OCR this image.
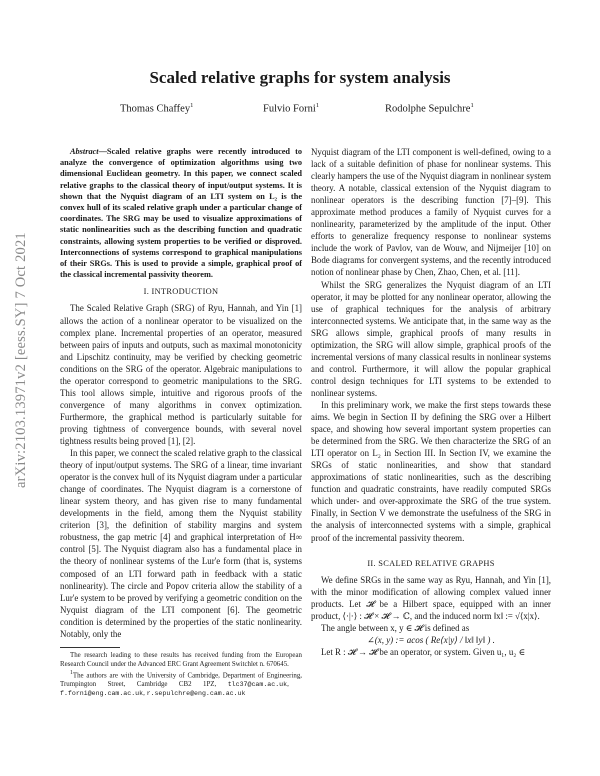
arXiv:2103.13971v2 [eess.SY] 7 Oct 2021
Scaled relative graphs for system analysis
Thomas Chaffey$^1$	Fulvio Forni$^1$	Rodolphe Sepulchre$^1$

Abstract—Scaled relative graphs were recently introduced to analyze the convergence of optimization algorithms using two dimensional Euclidean geometry. In this paper, we connect scaled relative graphs to the classical theory of input/output systems. It is shown that the Nyquist diagram of an LTI system on L₂ is the convex hull of its scaled relative graph under a particular change of coordinates. The SRG may be used to visualize approximations of static nonlinearities such as the describing function and quadratic constraints, allowing system properties to be verified or disproved. Interconnections of systems correspond to graphical manipulations of their SRGs. This is used to provide a simple, graphical proof of the classical incremental passivity theorem.

I. INTRODUCTION

The Scaled Relative Graph (SRG) of Ryu, Hannah, and Yin [1] allows the action of a nonlinear operator to be visualized on the complex plane. Incremental properties of an operator, measured between pairs of inputs and outputs, such as maximal monotonicity and Lipschitz continuity, may be verified by checking geometric conditions on the SRG of the operator. Algebraic manipulations to the operator correspond to geometric manipulations to the SRG. This tool allows simple, intuitive and rigorous proofs of the convergence of many algorithms in convex optimization. Furthermore, the graphical method is particularly suitable for proving tightness of convergence bounds, with several novel tightness results being proved [1], [2].

In this paper, we connect the scaled relative graph to the classical theory of input/output systems. The SRG of a linear, time invariant operator is the convex hull of its Nyquist diagram under a particular change of coordinates. The Nyquist diagram is a cornerstone of linear system theory, and has given rise to many fundamental developments in the field, among them the Nyquist stability criterion [3], the definition of stability margins and system robustness, the gap metric [4] and graphical interpretation of H∞ control [5]. The Nyquist diagram also has a fundamental place in the theory of nonlinear systems of the Lur'e form (that is, systems composed of an LTI forward path in feedback with a static nonlinearity). The circle and Popov criteria allow the stability of a Lur'e system to be proved by verifying a geometric condition on the Nyquist diagram of the LTI component [6]. The geometric condition is determined by the properties of the static nonlinearity. Notably, only the

The research leading to these results has received funding from the European Research Council under the Advanced ERC Grant Agreement Switchlet n. 670645.

$^1$The authors are with the University of Cambridge, Department of Engineering, Trumpington Street, Cambridge CB2 1PZ, tlc37@cam.ac.uk,   f.forni@eng.cam.ac.uk, r.sepulchre@eng.cam.ac.uk

Nyquist diagram of the LTI component is well-defined, owing to a lack of a suitable definition of phase for nonlinear systems. This clearly hampers the use of the Nyquist diagram in nonlinear system theory. A notable, classical extension of the Nyquist diagram to nonlinear operators is the describing function [7]–[9]. This approximate method produces a family of Nyquist curves for a nonlinearity, parameterized by the amplitude of the input. Other efforts to generalize frequency response to nonlinear systems include the work of Pavlov, van de Wouw, and Nijmeijer [10] on Bode diagrams for convergent systems, and the recently introduced notion of nonlinear phase by Chen, Zhao, Chen, et al. [11].

Whilst the SRG generalizes the Nyquist diagram of an LTI operator, it may be plotted for any nonlinear operator, allowing the use of graphical techniques for the analysis of arbitrary interconnected systems. We anticipate that, in the same way as the SRG allows simple, graphical proofs of many results in optimization, the SRG will allow simple, graphical proofs of the incremental versions of many classical results in nonlinear systems and control. Furthermore, it will allow the popular graphical control design techniques for LTI systems to be extended to nonlinear systems.

In this preliminary work, we make the first steps towards these aims. We begin in Section II by defining the SRG over a Hilbert space, and showing how several important system properties can be determined from the SRG. We then characterize the SRG of an LTI operator on L₂ in Section III. In Section IV, we examine the SRGs of static nonlinearities, and show that standard approximations of static nonlinearities, such as the describing function and quadratic constraints, have readily computed SRGs which under- and over-approximate the SRG of the true system. Finally, in Section V we demonstrate the usefulness of the SRG in the analysis of interconnected systems with a simple, graphical proof of the incremental passivity theorem.

II. SCALED RELATIVE GRAPHS

We define SRGs in the same way as Ryu, Hannah, and Yin [1], with the minor modification of allowing complex valued inner products. Let 𝓗 be a Hilbert space, equipped with an inner product, ⟨·|·⟩ : 𝓗 × 𝓗 → ℂ, and the induced norm ‖x‖ := √⟨x|x⟩.

The angle between x, y ∈ 𝓗 is defined as

∠(x, y) := acos ( Re⟨x|y⟩ / ‖x‖ ‖y‖ ) .

Let R : 𝓗 → 𝓗 be an operator, or system. Given u₁, u₂ ∈
